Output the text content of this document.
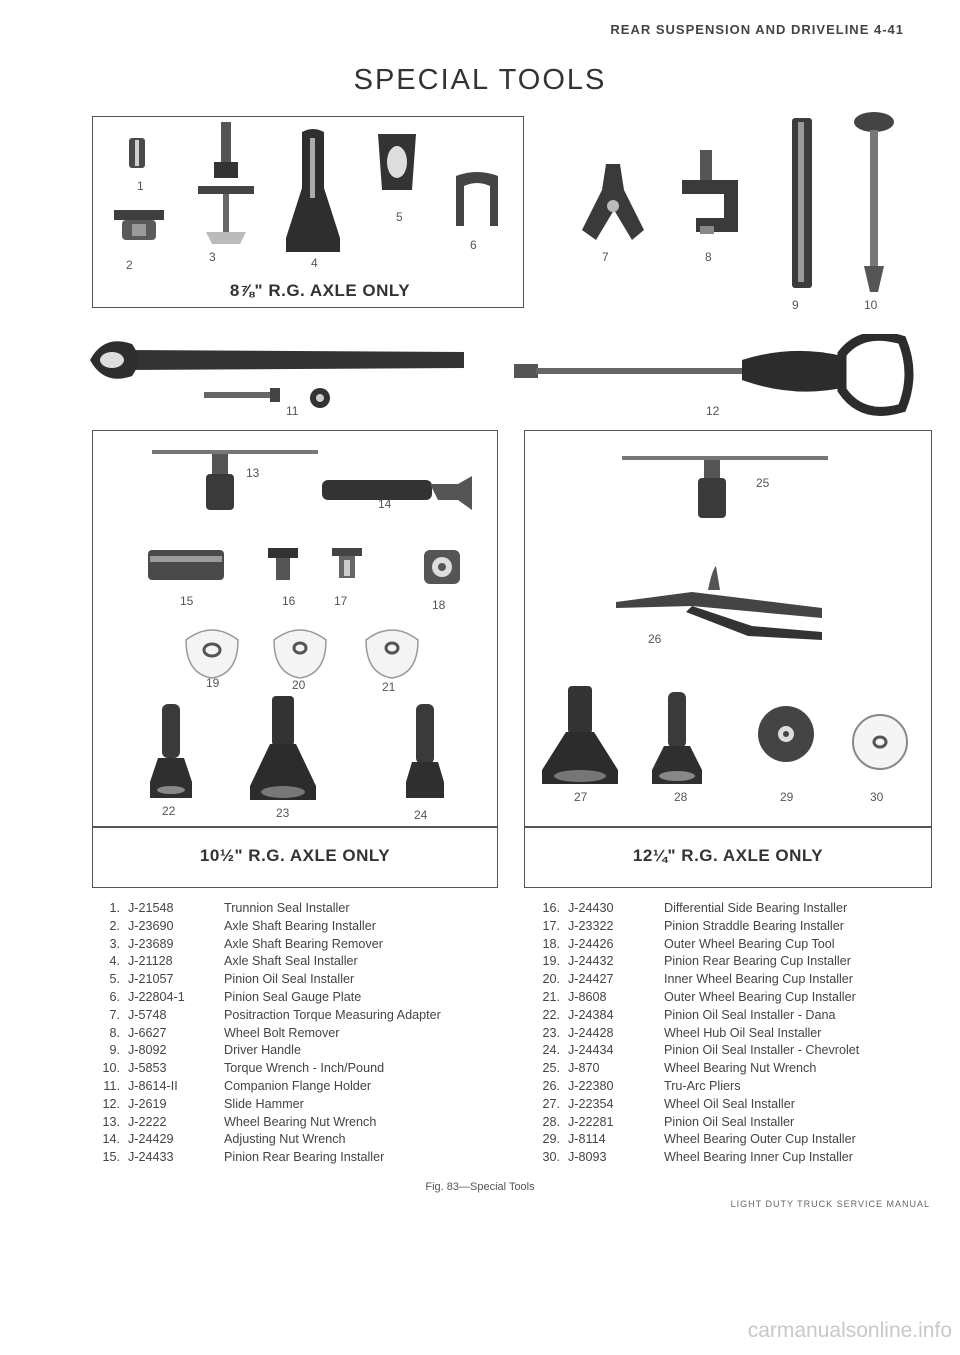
REAR SUSPENSION AND DRIVELINE 4-41
SPECIAL TOOLS
8⅞" R.G. AXLE ONLY
1
2
3	4
5
6
7	8
9	10
11	12
10½" R.G. AXLE ONLY
13
14
15	16	17	18
19	20	21
22	23	24
12¼" R.G. AXLE ONLY
25
26
27	28	29	30
1. J-21548	Trunnion Seal Installer
2. J-23690	Axle Shaft Bearing Installer
3. J-23689	Axle Shaft Bearing Remover
4. J-21128	Axle Shaft Seal Installer
5. J-21057	Pinion Oil Seal Installer
6. J-22804-1	Pinion Seal Gauge Plate
7. J-5748	Positraction Torque Measuring Adapter
8. J-6627	Wheel Bolt Remover
9. J-8092	Driver Handle
10. J-5853	Torque Wrench - Inch/Pound
11. J-8614-II	Companion Flange Holder
12. J-2619	Slide Hammer
13. J-2222	Wheel Bearing Nut Wrench
14. J-24429	Adjusting Nut Wrench
15. J-24433	Pinion Rear Bearing Installer
16. J-24430	Differential Side Bearing Installer
17. J-23322	Pinion Straddle Bearing Installer
18. J-24426	Outer Wheel Bearing Cup Tool
19. J-24432	Pinion Rear Bearing Cup Installer
20. J-24427	Inner Wheel Bearing Cup Installer
21. J-8608	Outer Wheel Bearing Cup Installer
22. J-24384	Pinion Oil Seal Installer - Dana
23. J-24428	Wheel Hub Oil Seal Installer
24. J-24434	Pinion Oil Seal Installer - Chevrolet
25. J-870	Wheel Bearing Nut Wrench
26. J-22380	Tru-Arc Pliers
27. J-22354	Wheel Oil Seal Installer
28. J-22281	Pinion Oil Seal Installer
29. J-8114	Wheel Bearing Outer Cup Installer
30. J-8093	Wheel Bearing Inner Cup Installer
Fig. 83—Special Tools
LIGHT DUTY TRUCK SERVICE MANUAL
carmanualsonline.info
